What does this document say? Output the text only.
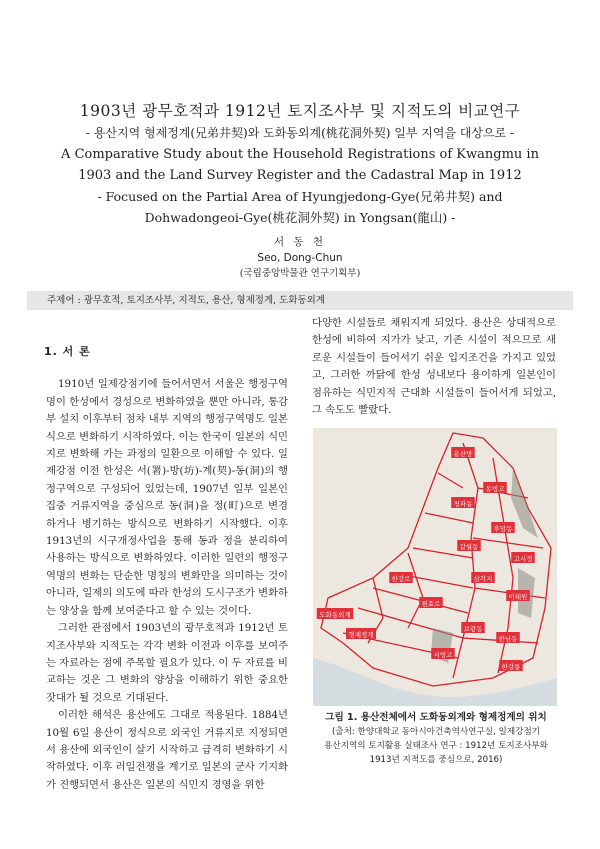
1903년 광무호적과 1912년 토지조사부 및 지적도의 비교연구

- 용산지역 형제정계(兄弟井契)와 도화동외계(桃花洞外契) 일부 지역을 대상으로 -

A Comparative Study about the Household Registrations of Kwangmu in

1903 and the Land Survey Register and the Cadastral Map in 1912

- Focused on the Partial Area of Hyungjedong-Gye(兄弟井契) and

Dohwadongeoi-Gye(桃花洞外契) in Yongsan(龍山) -

서 동 천
Seo, Dong-Chun
(국립중앙박물관 연구기획부)
주제어 : 광무호적, 토지조사부, 지적도, 용산, 형제정계, 도화동외계
1. 서 론

1910년 일제강점기에 들어서면서 서울은 행정구역명이 한성에서 경성으로 변화하였을 뿐만 아니라, 통감부 설치 이후부터 점차 내부 지역의 행정구역명도 일본식으로 변화하기 시작하였다. 이는 한국이 일본의 식민지로 변화해 가는 과정의 일환으로 이해할 수 있다. 일제강점 이전 한성은 서(署)-방(坊)-계(契)-동(洞)의 행정구역으로 구성되어 있었는데, 1907년 일부 일본인 집중 거류지역을 중심으로 동(洞)을 정(町)으로 변경하거나 병기하는 방식으로 변화하기 시작했다. 이후 1913년의 시구개정사업을 통해 동과 정을 분리하여 사용하는 방식으로 변화하였다. 이러한 일련의 행정구역명의 변화는 단순한 명칭의 변화만을 의미하는 것이 아니라, 일제의 의도에 따라 한성의 도시구조가 변화하는 양상을 함께 보여준다고 할 수 있는 것이다.

그러한 관점에서 1903년의 광무호적과 1912년 토지조사부와 지적도는 각각 변화 이전과 이후를 보여주는 자료라는 점에 주목할 필요가 있다. 이 두 자료를 비교하는 것은 그 변화의 양상을 이해하기 위한 중요한 잣대가 될 것으로 기대된다.

이러한 해석은 용산에도 그대로 적용된다. 1884년 10월 6일 용산이 정식으로 외국인 거류지로 지정되면서 용산에 외국인이 살기 시작하고 급격히 변화하기 시작하였다. 이후 러일전쟁을 계기로 일본의 군사 기지화가 진행되면서 용산은 일본의 식민지 경영을 위한

다양한 시설들로 채워지게 되었다. 용산은 상대적으로 한성에 비하여 지가가 낮고, 기존 시설이 적으므로 새로운 시설들이 들어서기 쉬운 입지조건을 가지고 있었고, 그러한 까닭에 한성 성내보다 용이하게 일본인이 점유하는 식민지적 근대화 시설들이 들어서게 되었고, 그 속도도 빨랐다.

용산방
도화동외계
형제정계
한강통
원효로
청파동
갈월동
후암동
삼각지
이태원
한남동
동빙고
서빙고
보광동
고시정
한강로
그림 1. 용산전체에서 도화동외계와 형제정계의 위치
(출처: 한양대학교 동아시아건축역사연구실, 일제강점기
용산지역의 토지활용 실태조사 연구 : 1912년 토지조사부와
1913년 지적도를 중심으로, 2016)
